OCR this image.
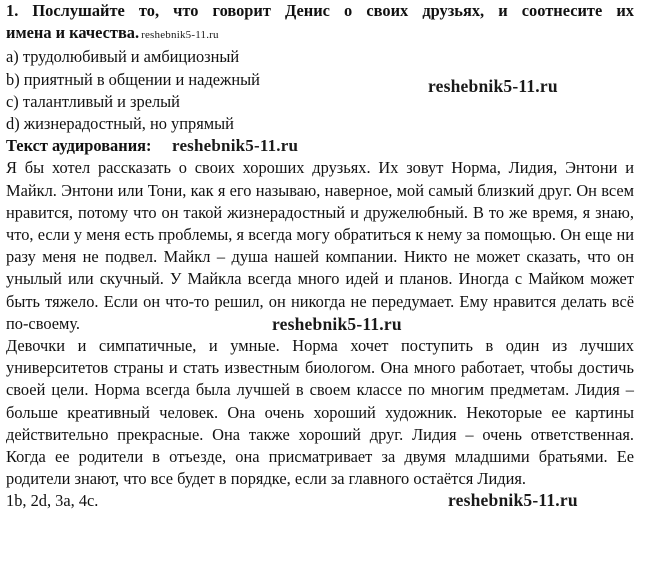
1. Послушайте то, что говорит Денис о своих друзьях, и соотнесите их
имена и качества. reshebnik5-11.ru
a) трудолюбивый и амбициозный
b) приятный в общении и надежный
c) талантливый и зрелый
d) жизнерадостный, но упрямый
Текст аудирования: reshebnik5-11.ru
Я бы хотел рассказать о своих хороших друзьях. Их зовут Норма, Лидия, Энтони и Майкл. Энтони или Тони, как я его называю, наверное, мой самый близкий друг. Он всем нравится, потому что он такой жизнерадостный и дружелюбный. В то же время, я знаю, что, если у меня есть проблемы, я всегда могу обратиться к нему за помощью. Он еще ни разу меня не подвел. Майкл – душа нашей компании. Никто не может сказать, что он унылый или скучный. У Майкла всегда много идей и планов. Иногда с Майком может быть тяжело. Если он что-то решил, он никогда не передумает. Ему нравится делать всё по-своему.
Девочки и симпатичные, и умные. Норма хочет поступить в один из лучших университетов страны и стать известным биологом. Она много работает, чтобы достичь своей цели. Норма всегда была лучшей в своем классе по многим предметам. Лидия – больше креативный человек. Она очень хороший художник. Некоторые ее картины действительно прекрасные. Она также хороший друг. Лидия – очень ответственная. Когда ее родители в отъезде, она присматривает за двумя младшими братьями. Ее родители знают, что все будет в порядке, если за главного остаётся Лидия.
1b, 2d, 3a, 4c.
reshebnik5-11.ru
reshebnik5-11.ru
reshebnik5-11.ru
